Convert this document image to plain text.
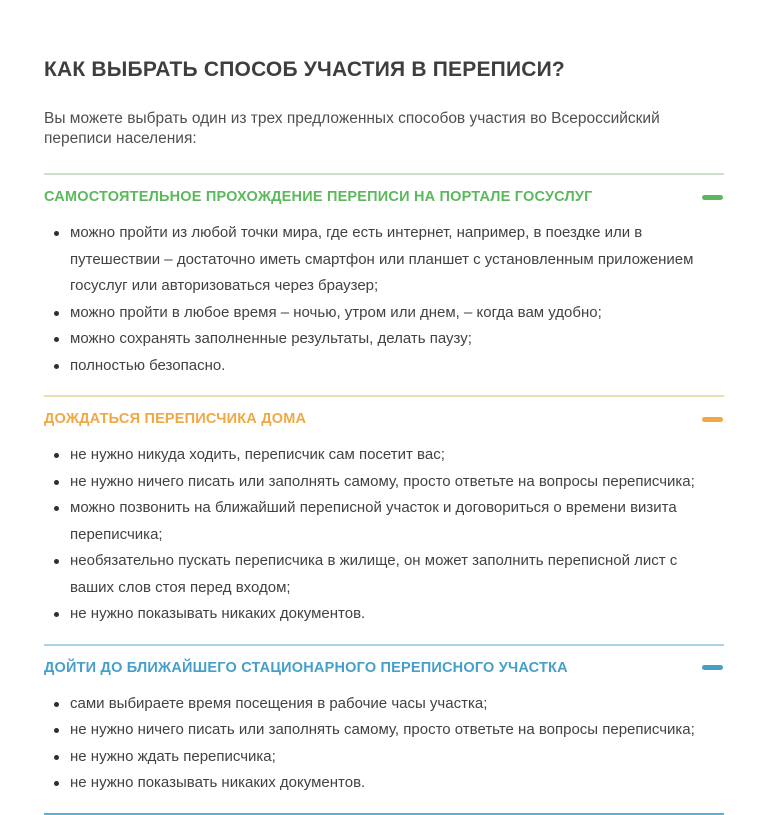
КАК ВЫБРАТЬ СПОСОБ УЧАСТИЯ В ПЕРЕПИСИ?

Вы можете выбрать один из трех предложенных способов участия во Всероссийский переписи населения:

САМОСТОЯТЕЛЬНОЕ ПРОХОЖДЕНИЕ ПЕРЕПИСИ НА ПОРТАЛЕ ГОСУСЛУГ
можно пройти из любой точки мира, где есть интернет, например, в поездке или в путешествии – достаточно иметь смартфон или планшет с установленным приложением госуслуг или авторизоваться через браузер;
можно пройти в любое время – ночью, утром или днем, – когда вам удобно;
можно сохранять заполненные результаты, делать паузу;
полностью безопасно.
ДОЖДАТЬСЯ ПЕРЕПИСЧИКА ДОМА
не нужно никуда ходить, переписчик сам посетит вас;
не нужно ничего писать или заполнять самому, просто ответьте на вопросы переписчика;
можно позвонить на ближайший переписной участок и договориться о времени визита переписчика;
необязательно пускать переписчика в жилище, он может заполнить переписной лист с ваших слов стоя перед входом;
не нужно показывать никаких документов.
ДОЙТИ ДО БЛИЖАЙШЕГО СТАЦИОНАРНОГО ПЕРЕПИСНОГО УЧАСТКА
сами выбираете время посещения в рабочие часы участка;
не нужно ничего писать или заполнять самому, просто ответьте на вопросы переписчика;
не нужно ждать переписчика;
не нужно показывать никаких документов.
